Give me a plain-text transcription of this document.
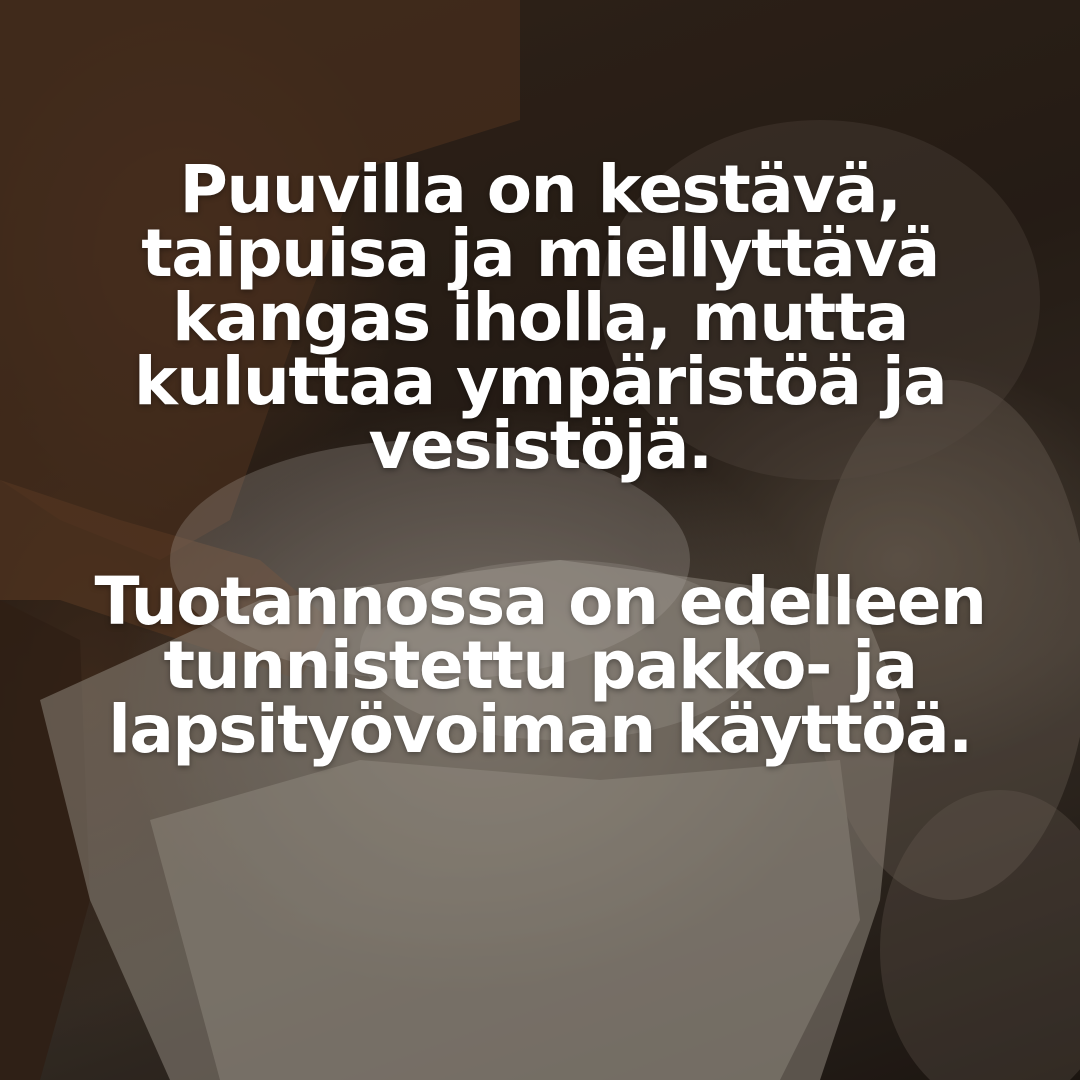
Puuvilla on kestävä,
taipuisa ja miellyttävä
kangas iholla, mutta
kuluttaa ympäristöä ja
vesistöjä.

Tuotannossa on edelleen
tunnistettu pakko- ja
lapsityövoiman käyttöä.
